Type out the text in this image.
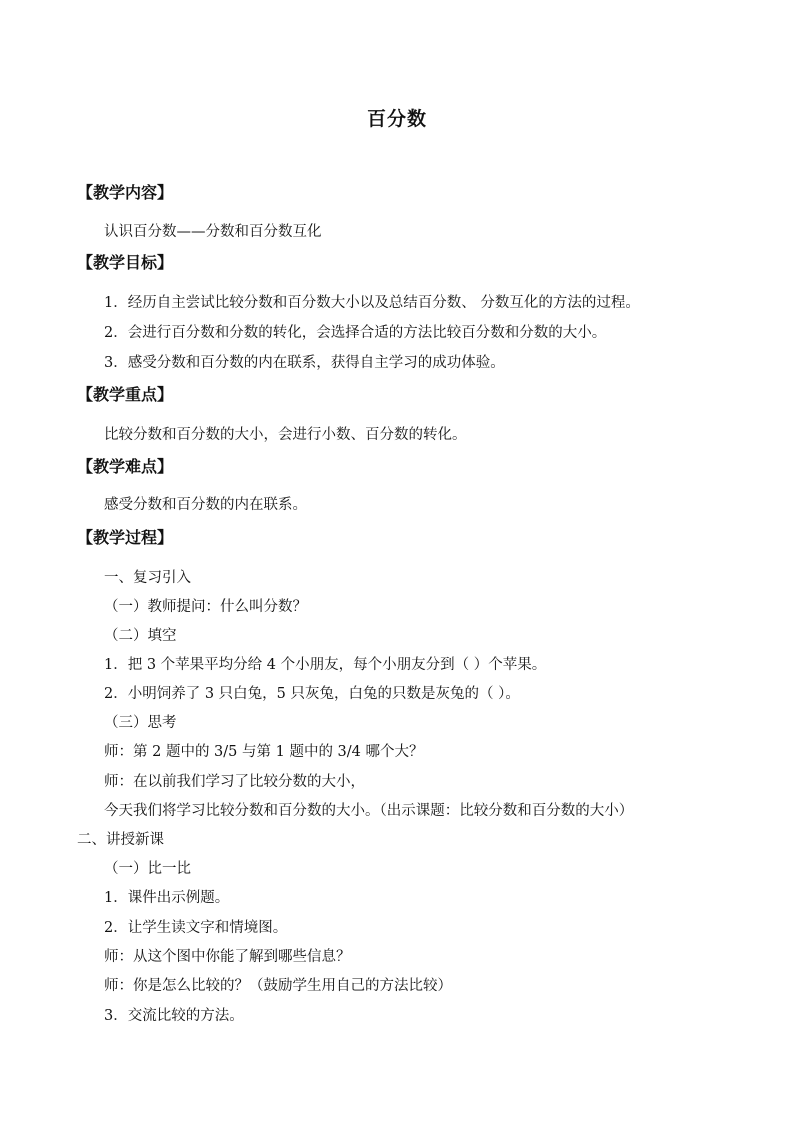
百分数
【教学内容】
认识百分数——分数和百分数互化
【教学目标】
1．经历自主尝试比较分数和百分数大小以及总结百分数、 分数互化的方法的过程。
2．会进行百分数和分数的转化，会选择合适的方法比较百分数和分数的大小。
3．感受分数和百分数的内在联系，获得自主学习的成功体验。
【教学重点】
比较分数和百分数的大小，会进行小数、百分数的转化。
【教学难点】
感受分数和百分数的内在联系。
【教学过程】
一、复习引入
（一）教师提问：什么叫分数？
（二）填空
1．把 3 个苹果平均分给 4 个小朋友，每个小朋友分到（ ）个苹果。
2．小明饲养了 3 只白兔，5 只灰兔，白兔的只数是灰兔的（ ）。
（三）思考
师：第 2 题中的 3/5 与第 1 题中的 3/4 哪个大？
师：在以前我们学习了比较分数的大小，
今天我们将学习比较分数和百分数的大小。（出示课题：比较分数和百分数的大小）
二、讲授新课
（一）比一比
1．课件出示例题。
2．让学生读文字和情境图。
师：从这个图中你能了解到哪些信息？
师：你是怎么比较的？（鼓励学生用自己的方法比较）
3．交流比较的方法。
